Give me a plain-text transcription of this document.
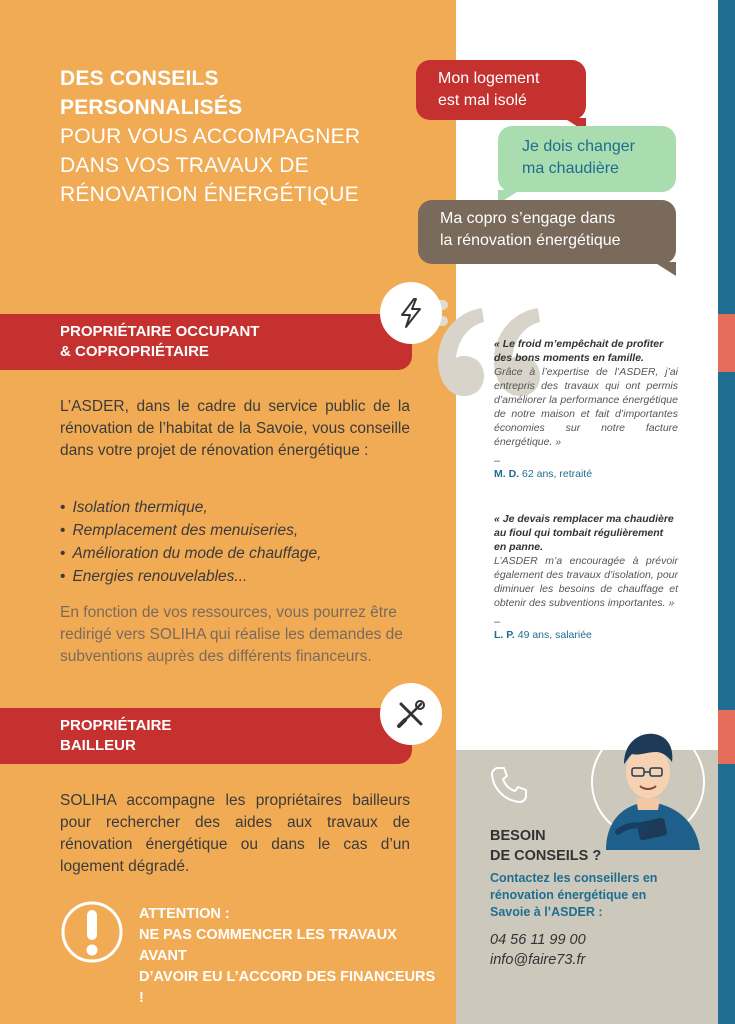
DES CONSEILS
PERSONNALISÉS
POUR VOUS ACCOMPAGNER
DANS VOS TRAVAUX DE
RÉNOVATION ÉNERGÉTIQUE
Mon logement
est mal isolé
Je dois changer
ma chaudière
Ma copro s’engage dans
la rénovation énergétique
PROPRIÉTAIRE OCCUPANT
& COPROPRIÉTAIRE
L’ASDER, dans le cadre du service public de la rénovation de l’habitat de la Savoie, vous conseille dans votre projet de rénovation énergétique :
• Isolation thermique,
• Remplacement des menuiseries,
• Amélioration du mode de chauffage,
• Energies renouvelables...
En fonction de vos ressources, vous pourrez être redirigé vers SOLIHA qui réalise les demandes de subventions auprès des différents financeurs.
PROPRIÉTAIRE
BAILLEUR
SOLIHA accompagne les propriétaires bailleurs pour rechercher des aides aux travaux de rénovation énergétique ou dans le cas d’un logement dégradé.
ATTENTION :
NE PAS COMMENCER LES TRAVAUX AVANT
D’AVOIR EU L’ACCORD DES FINANCEURS !
« Le froid m’empêchait de profiter des bons moments en famille.
Grâce à l’expertise de l’ASDER, j’ai entrepris des travaux qui ont permis d’améliorer la performance énergétique de notre maison et fait d’importantes économies sur notre facture énergétique. »
–
M. D. 62 ans, retraité
« Je devais remplacer ma chaudière au fioul qui tombait régulièrement en panne.
L’ASDER m’a encouragée à prévoir également des travaux d’isolation, pour diminuer les besoins de chauffage et obtenir des subventions importantes. »
–
L. P. 49 ans, salariée
BESOIN
DE CONSEILS ?
Contactez les conseillers en rénovation énergétique en Savoie à l’ASDER :
04 56 11 99 00
info@faire73.fr
